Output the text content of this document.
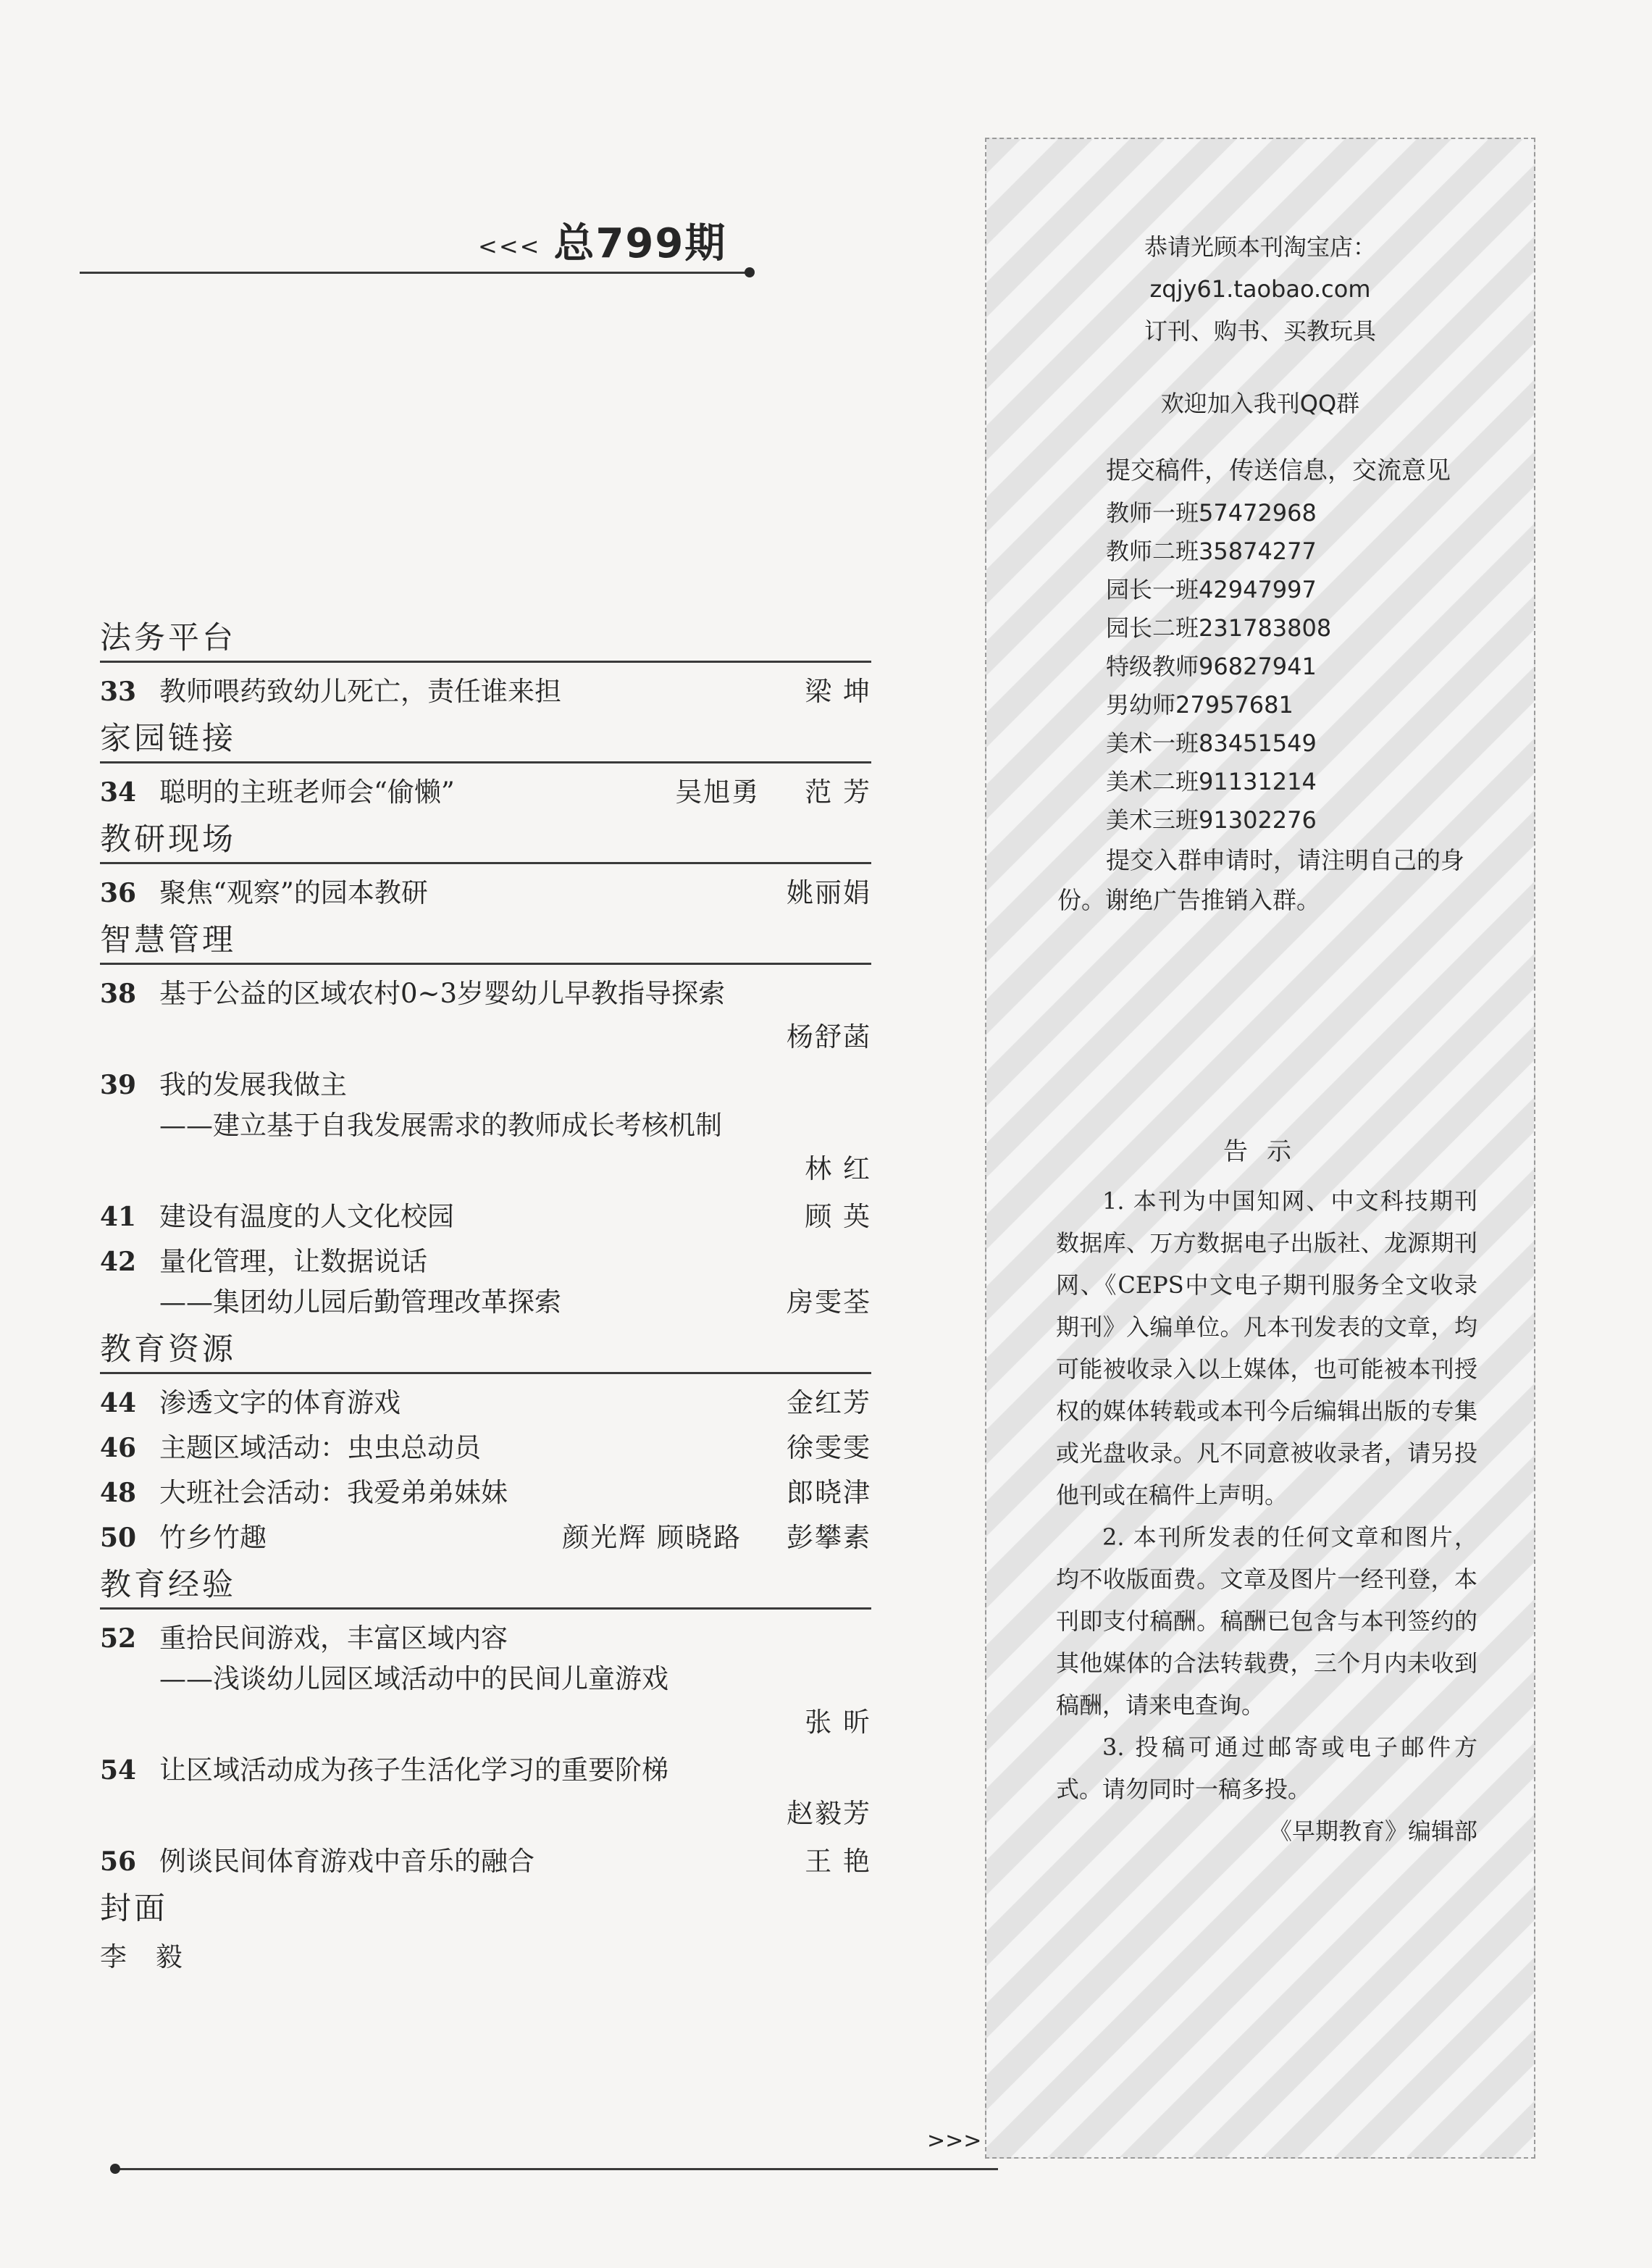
<<< 总799期
法务平台
33 教师喂药致幼儿死亡，责任谁来担	梁 坤
家园链接
34 聪明的主班老师会“偷懒”	吴旭勇 范 芳
教研现场
36 聚焦“观察”的园本教研	姚丽娟
智慧管理
38 基于公益的区域农村0~3岁婴幼儿早教指导探索
杨舒菡
39 我的发展我做主
——建立基于自我发展需求的教师成长考核机制
林 红
41 建设有温度的人文化校园	顾 英
42 量化管理，让数据说话
——集团幼儿园后勤管理改革探索	房雯荃
教育资源
44 渗透文字的体育游戏	金红芳
46 主题区域活动：虫虫总动员	徐雯雯
48 大班社会活动：我爱弟弟妹妹	郎晓津
50 竹乡竹趣	颜光辉 顾晓路 彭攀素
教育经验
52 重拾民间游戏，丰富区域内容
——浅谈幼儿园区域活动中的民间儿童游戏
张 昕
54 让区域活动成为孩子生活化学习的重要阶梯
赵毅芳
56 例谈民间体育游戏中音乐的融合	王 艳
封面
李 毅
>>>
恭请光顾本刊淘宝店：
zqjy61.taobao.com
订刊、购书、买教玩具
欢迎加入我刊QQ群
提交稿件，传送信息，交流意见
教师一班57472968
教师二班35874277
园长一班42947997
园长二班231783808
特级教师96827941
男幼师27957681
美术一班83451549
美术二班91131214
美术三班91302276
提交入群申请时，请注明自己的身份。谢绝广告推销入群。
告示

1. 本刊为中国知网、中文科技期刊数据库、万方数据电子出版社、龙源期刊网、《CEPS中文电子期刊服务全文收录期刊》入编单位。凡本刊发表的文章，均可能被收录入以上媒体，也可能被本刊授权的媒体转载或本刊今后编辑出版的专集或光盘收录。凡不同意被收录者，请另投他刊或在稿件上声明。

2. 本刊所发表的任何文章和图片，均不收版面费。文章及图片一经刊登，本刊即支付稿酬。稿酬已包含与本刊签约的其他媒体的合法转载费，三个月内未收到稿酬，请来电查询。

3. 投稿可通过邮寄或电子邮件方式。请勿同时一稿多投。

《早期教育》编辑部
